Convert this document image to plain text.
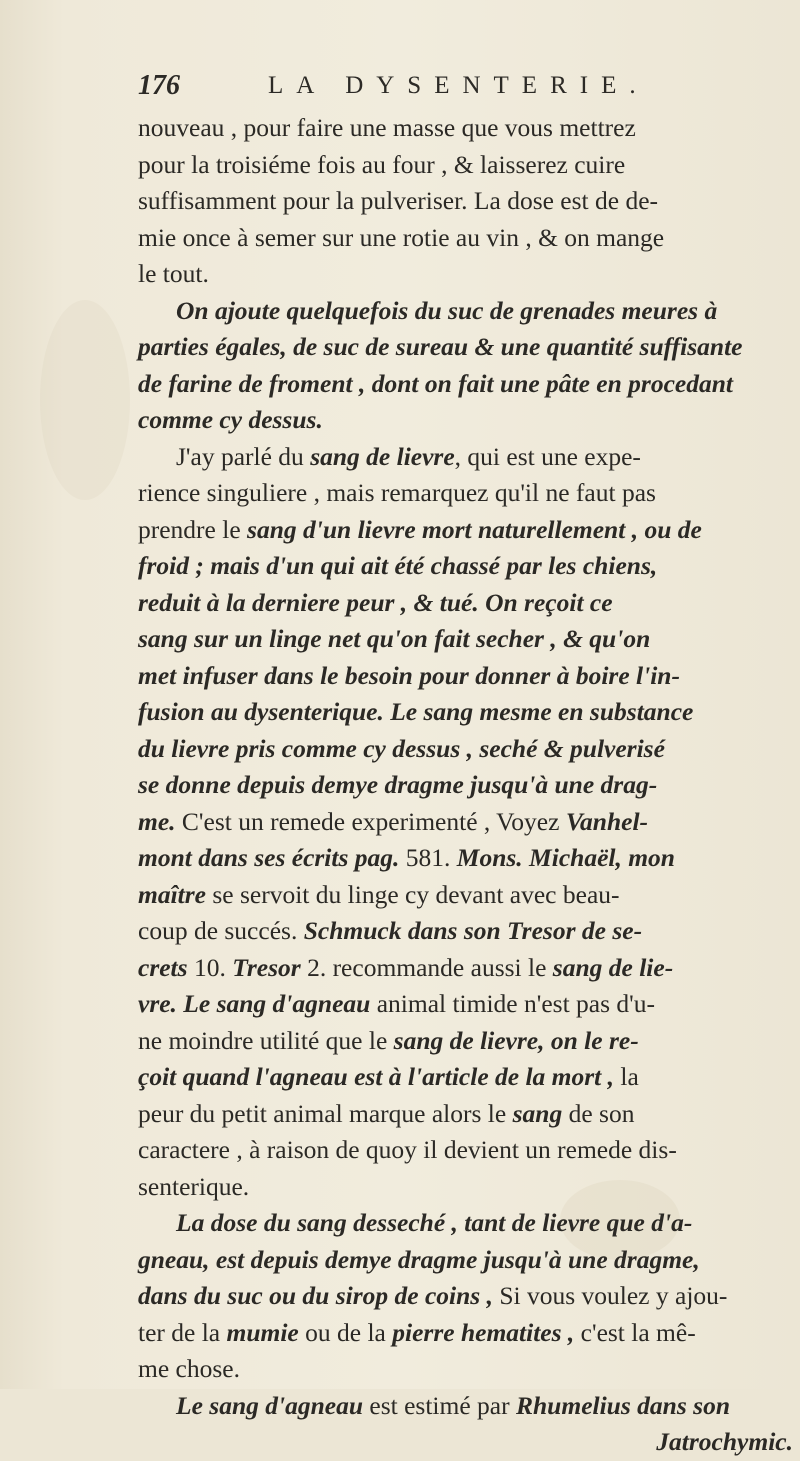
176	LA DYSENTERIE.
nouveau , pour faire une masse que vous mettrez
pour la troisiéme fois au four , & laisserez cuire
suffisamment pour la pulveriser. La dose est de de-
mie once à semer sur une rotie au vin , & on mange
le tout.
On ajoute quelquefois du suc de grenades meures à
parties égales, de suc de sureau & une quantité suffisante
de farine de froment , dont on fait une pâte en procedant
comme cy dessus.
J'ay parlé du sang de lievre, qui est une expe-
rience singuliere , mais remarquez qu'il ne faut pas
prendre le sang d'un lievre mort naturellement , ou de
froid ; mais d'un qui ait été chassé par les chiens,
reduit à la derniere peur , & tué. On reçoit ce
sang sur un linge net qu'on fait secher , & qu'on
met infuser dans le besoin pour donner à boire l'in-
fusion au dysenterique. Le sang mesme en substance
du lievre pris comme cy dessus , seché & pulverisé
se donne depuis demye dragme jusqu'à une drag-
me. C'est un remede experimenté , Voyez Vanhel-
mont dans ses écrits pag. 581. Mons. Michaël, mon
maître se servoit du linge cy devant avec beau-
coup de succés. Schmuck dans son Tresor de se-
crets 10. Tresor 2. recommande aussi le sang de lie-
vre. Le sang d'agneau animal timide n'est pas d'u-
ne moindre utilité que le sang de lievre, on le re-
çoit quand l'agneau est à l'article de la mort , la
peur du petit animal marque alors le sang de son
caractere , à raison de quoy il devient un remede dis-
senterique.
La dose du sang desseché , tant de lievre que d'a-
gneau, est depuis demye dragme jusqu'à une dragme,
dans du suc ou du sirop de coins , Si vous voulez y ajou-
ter de la mumie ou de la pierre hematites , c'est la mê-
me chose.
Le sang d'agneau est estimé par Rhumelius dans son
Jatrochymic.
